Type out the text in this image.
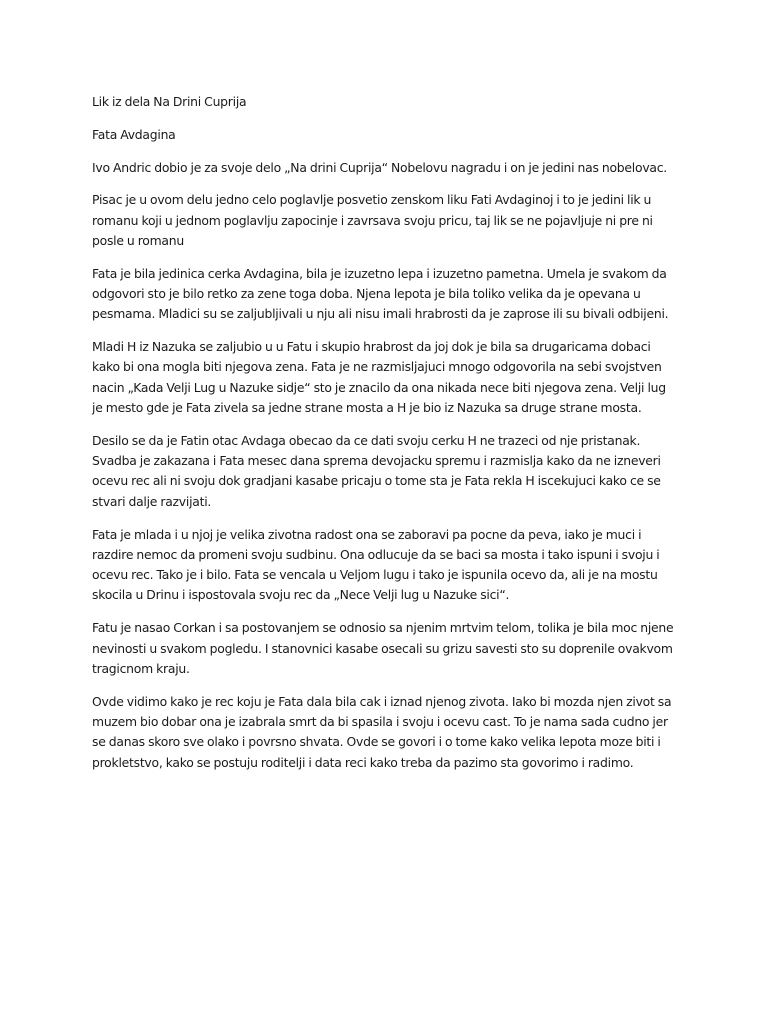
Lik iz dela Na Drini Cuprija

Fata Avdagina

Ivo Andric dobio je za svoje delo „Na drini Cuprija“ Nobelovu nagradu i on je jedini nas nobelovac.

Pisac je u ovom delu jedno celo poglavlje posvetio zenskom liku Fati Avdaginoj i to je jedini lik u romanu koji u jednom poglavlju zapocinje i zavrsava svoju pricu, taj lik se ne pojavljuje ni pre ni posle u romanu

Fata je bila jedinica cerka Avdagina, bila je izuzetno lepa i izuzetno pametna. Umela je svakom da odgovori sto je bilo retko za zene toga doba. Njena lepota je bila toliko velika da je opevana u pesmama. Mladici su se zaljubljivali u nju ali nisu imali hrabrosti da je zaprose ili su bivali odbijeni.

Mladi H iz Nazuka se zaljubio u u Fatu i skupio hrabrost da joj dok je bila sa drugaricama dobaci kako bi ona mogla biti njegova zena. Fata je ne razmisljajuci mnogo odgovorila na sebi svojstven nacin „Kada Velji Lug u Nazuke sidje“ sto je znacilo da ona nikada nece biti njegova zena. Velji lug je mesto gde je Fata zivela sa jedne strane mosta a H je bio iz Nazuka sa druge strane mosta.

Desilo se da je Fatin otac Avdaga obecao da ce dati svoju cerku H ne trazeci od nje pristanak. Svadba je zakazana i Fata mesec dana sprema devojacku spremu i razmislja kako da ne izneveri ocevu rec ali ni svoju dok gradjani kasabe pricaju o tome sta je Fata rekla H iscekujuci kako ce se stvari dalje razvijati.

Fata je mlada i u njoj je velika zivotna radost ona se zaboravi pa pocne da peva, iako je muci i razdire nemoc da promeni svoju sudbinu. Ona odlucuje da se baci sa mosta i tako ispuni i svoju i ocevu rec. Tako je i bilo. Fata se vencala u Veljom lugu i tako je ispunila ocevo da, ali je na mostu skocila u Drinu i ispostovala svoju rec da „Nece Velji lug u Nazuke sici“.

Fatu je nasao Corkan i sa postovanjem se odnosio sa njenim mrtvim telom, tolika je bila moc njene nevinosti u svakom pogledu. I stanovnici kasabe osecali su grizu savesti sto su doprenile ovakvom tragicnom kraju.

Ovde vidimo kako je rec koju je Fata dala bila cak i iznad njenog zivota. Iako bi mozda njen zivot sa muzem bio dobar ona je izabrala smrt da bi spasila i svoju i ocevu cast. To je nama sada cudno jer se danas skoro sve olako i povrsno shvata. Ovde se govori i o tome kako velika lepota moze biti i prokletstvo, kako se postuju roditelji i data reci kako treba da pazimo sta govorimo i radimo.
